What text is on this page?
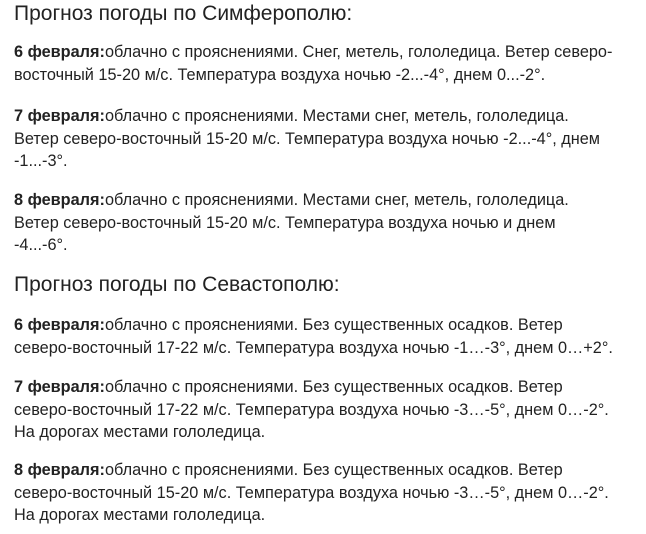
Прогноз погоды по Симферополю:

6 февраля:облачно с прояснениями. Снег, метель, гололедица. Ветер северо-
восточный 15-20 м/с. Температура воздуха ночью -2...-4°, днем 0...-2°.

7 февраля:облачно с прояснениями. Местами снег, метель, гололедица.
Ветер северо-восточный 15-20 м/с. Температура воздуха ночью -2...-4°, днем
-1...-3°.

8 февраля:облачно с прояснениями. Местами снег, метель, гололедица.
Ветер северо-восточный 15-20 м/с. Температура воздуха ночью и днем
-4...-6°.

Прогноз погоды по Севастополю:

6 февраля:облачно с прояснениями. Без существенных осадков. Ветер
северо-восточный 17-22 м/с. Температура воздуха ночью -1…-3°, днем 0…+2°.

7 февраля:облачно с прояснениями. Без существенных осадков. Ветер
северо-восточный 17-22 м/с. Температура воздуха ночью -3…-5°, днем 0…-2°.
На дорогах местами гололедица.

8 февраля:облачно с прояснениями. Без существенных осадков. Ветер
северо-восточный 15-20 м/с. Температура воздуха ночью -3…-5°, днем 0…-2°.
На дорогах местами гололедица.
